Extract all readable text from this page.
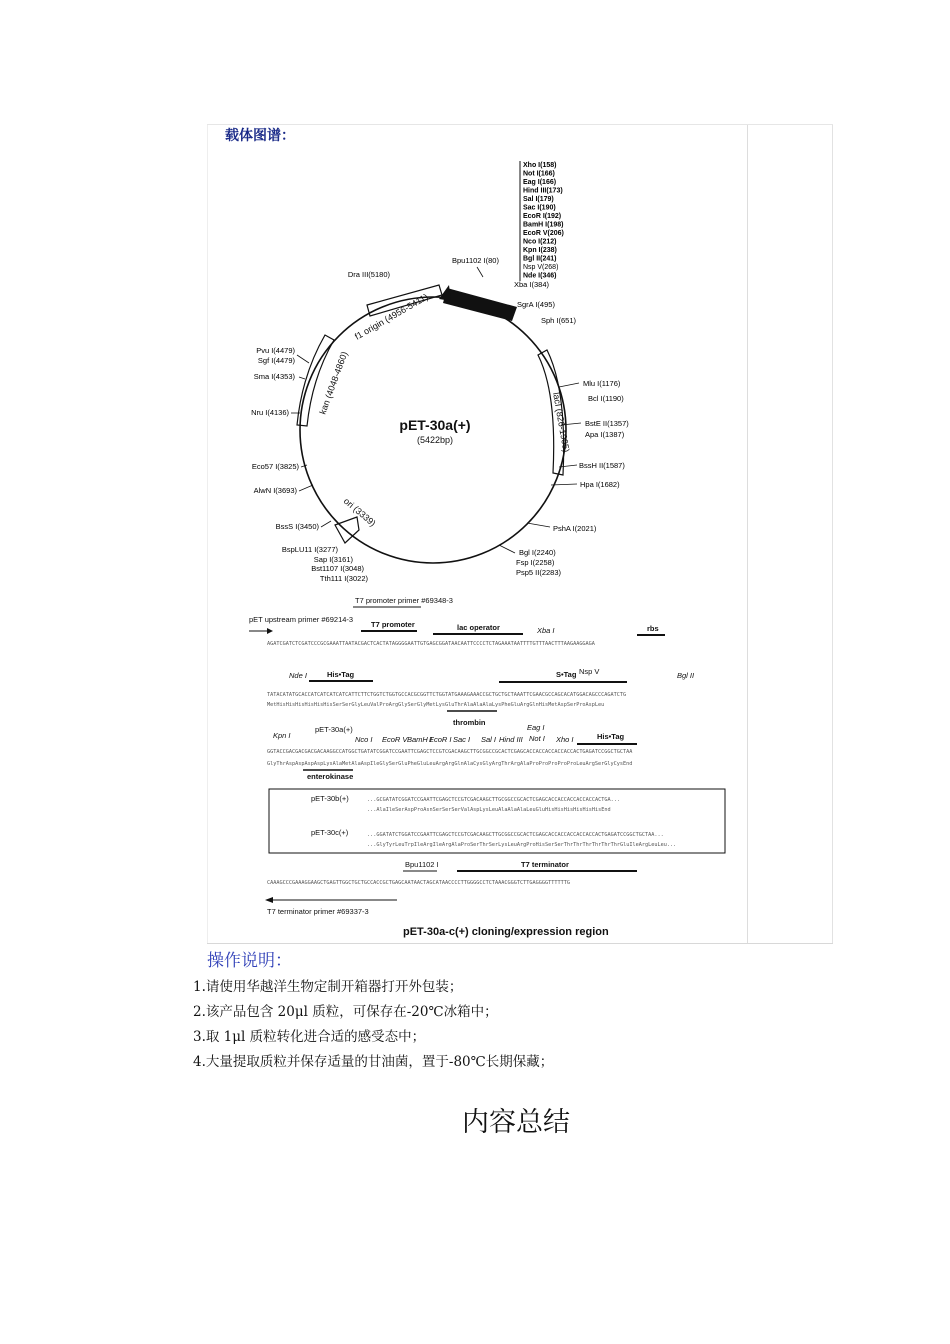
载体图谱：
pET-30a(+)
(5422bp)
f1 origin (4956-5411)
kan (4048-4860)
lacI (826-1905)
ori (3339)
Xho I(158)
Not I(166)
Eag I(166)
Hind III(173)
Sal I(179)
Sac I(190)
EcoR I(192)
BamH I(198)
EcoR V(206)
Nco I(212)
Kpn I(238)
Bgl II(241)
Nsp V(268)
Nde I(346)
Bpu1102 I(80)
Xba I(384)
SgrA I(495)
Sph I(651)
Mlu I(1176)
Bcl I(1190)
BstE II(1357)
Apa I(1387)
BssH II(1587)
Hpa I(1682)
PshA I(2021)
Bgl I(2240)
Fsp I(2258)
Psp5 II(2283)
Dra III(5180)
Pvu I(4479)
Sgf I(4479)
Sma I(4353)
Nru I(4136)
Eco57 I(3825)
AlwN I(3693)
BssS I(3450)
BspLU11 I(3277)
Sap I(3161)
Bst1107 I(3048)
Tth111 I(3022)
T7 promoter primer #69348-3
pET upstream primer #69214-3
T7 promoter	lac operator	Xba I	rbs
AGATCGATCTCGATCCCGCGAAATTAATACGACTCACTATAGGGGAATTGTGAGCGGATAACAATTCCCCTCTAGAAATAATTTTGTTTAACTTTAAGAAGGAGA
Nde I	His•Tag	S•Tag Nsp V	Bgl II
TATACATATGCACCATCATCATCATCATTCTTCTGGTCTGGTGCCACGCGGTTCTGGTATGAAAGAAACCGCTGCTGCTAAATTCGAACGCCAGCACATGGACAGCCCAGATCTG
MetHisHisHisHisHisHisSerSerGlyLeuValProArgGlySerGlyMetLysGluThrAlaAlaAlaLysPheGluArgGlnHisMetAspSerProAspLeu
thrombin
Kpn I
pET-30a(+)
Nco I EcoR V BamH I
EcoR I Sac I Sal I Hind III
Eag I
Not I Xho I	His•Tag
GGTACCGACGACGACGACAAGGCCATGGCTGATATCGGATCCGAATTCGAGCTCCGTCGACAAGCTTGCGGCCGCACTCGAGCACCACCACCACCACCACTGAGATCCGGCTGCTAA
GlyThrAspAspAspAspLysAlaMetAlaAspIleGlySerGluPheGluLeuArgArgGlnAlaCysGlyArgThrArgAlaProProProProProLeuArgSerGlyCysEnd
enterokinase
pET-30b(+)	...GCGATATCGGATCCGAATTCGAGCTCCGTCGACAAGCTTGCGGCCGCACTCGAGCACCACCACCACCACCACTGA...
...AlaIleSerAspProAsnSerSerSerValAspLysLeuAlaAlaAlaLeuGluHisHisHisHisHisHisEnd
pET-30c(+)	...GGATATCTGGATCCGAATTCGAGCTCCGTCGACAAGCTTGCGGCCGCACTCGAGCACCACCACCACCACCACTGAGATCCGGCTGCTAA...
...GlyTyrLeuTrpIleArgIleArgAlaProSerThrSerLysLeuArgProHisSerSerThrThrThrThrThrThrGluIleArgLeuLeu...
Bpu1102 I	T7 terminator
CAAAGCCCGAAAGGAAGCTGAGTTGGCTGCTGCCACCGCTGAGCAATAACTAGCATAACCCCTTGGGGCCTCTAAACGGGTCTTGAGGGGTTTTTTG
T7 terminator primer #69337-3
pET-30a-c(+) cloning/expression region
操作说明：
1.请使用华越洋生物定制开箱器打开外包装；
2.该产品包含 20μl 质粒，可保存在-20℃冰箱中；
3.取 1μl 质粒转化进合适的感受态中；
4.大量提取质粒并保存适量的甘油菌，置于-80℃长期保藏；
内容总结
